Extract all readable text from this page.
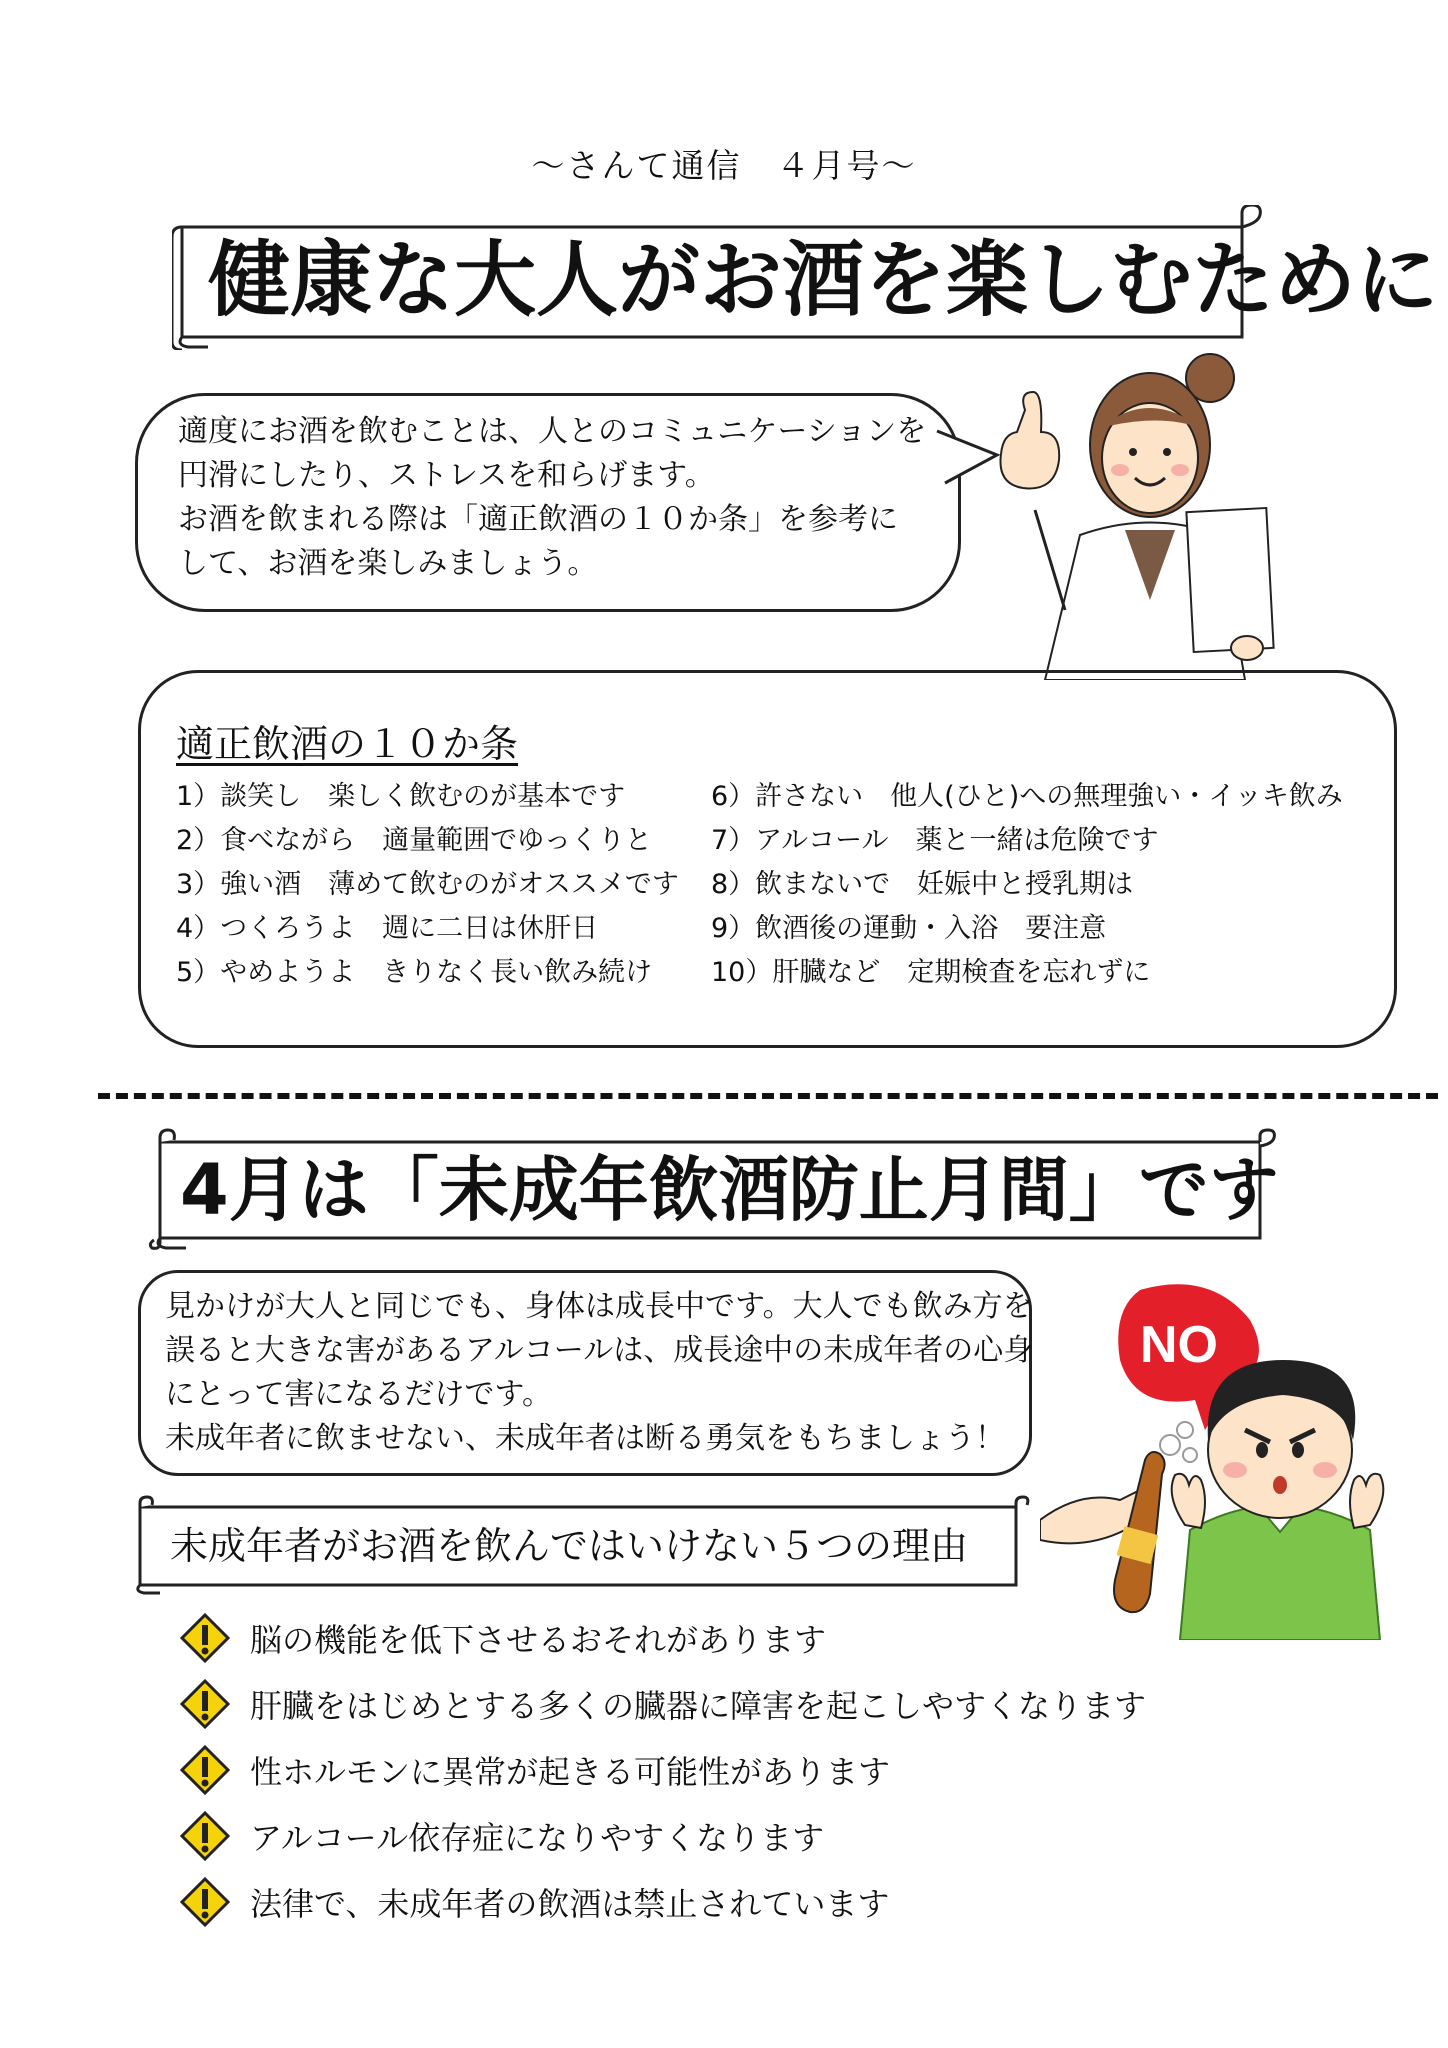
～さんて通信　４月号～
健康な大人がお酒を楽しむために

適度にお酒を飲むことは、人とのコミュニケーションを

円滑にしたり、ストレスを和らげます。

お酒を飲まれる際は「適正飲酒の１０か条」を参考に

して、お酒を楽しみましょう。

適正飲酒の１０か条
1）談笑し　楽しく飲むのが基本です
2）食べながら　適量範囲でゆっくりと
3）強い酒　薄めて飲むのがオススメです
4）つくろうよ　週に二日は休肝日
5）やめようよ　きりなく長い飲み続け
6）許さない　他人(ひと)への無理強い・イッキ飲み
7）アルコール　薬と一緒は危険です
8）飲まないで　妊娠中と授乳期は
9）飲酒後の運動・入浴　要注意
10）肝臓など　定期検査を忘れずに
4月は「未成年飲酒防止月間」です

見かけが大人と同じでも、身体は成長中です。大人でも飲み方を

誤ると大きな害があるアルコールは、成長途中の未成年者の心身

にとって害になるだけです。

未成年者に飲ませない、未成年者は断る勇気をもちましょう！

未成年者がお酒を飲んではいけない５つの理由
脳の機能を低下させるおそれがあります
肝臓をはじめとする多くの臓器に障害を起こしやすくなります
性ホルモンに異常が起きる可能性があります
アルコール依存症になりやすくなります
法律で、未成年者の飲酒は禁止されています
NO
